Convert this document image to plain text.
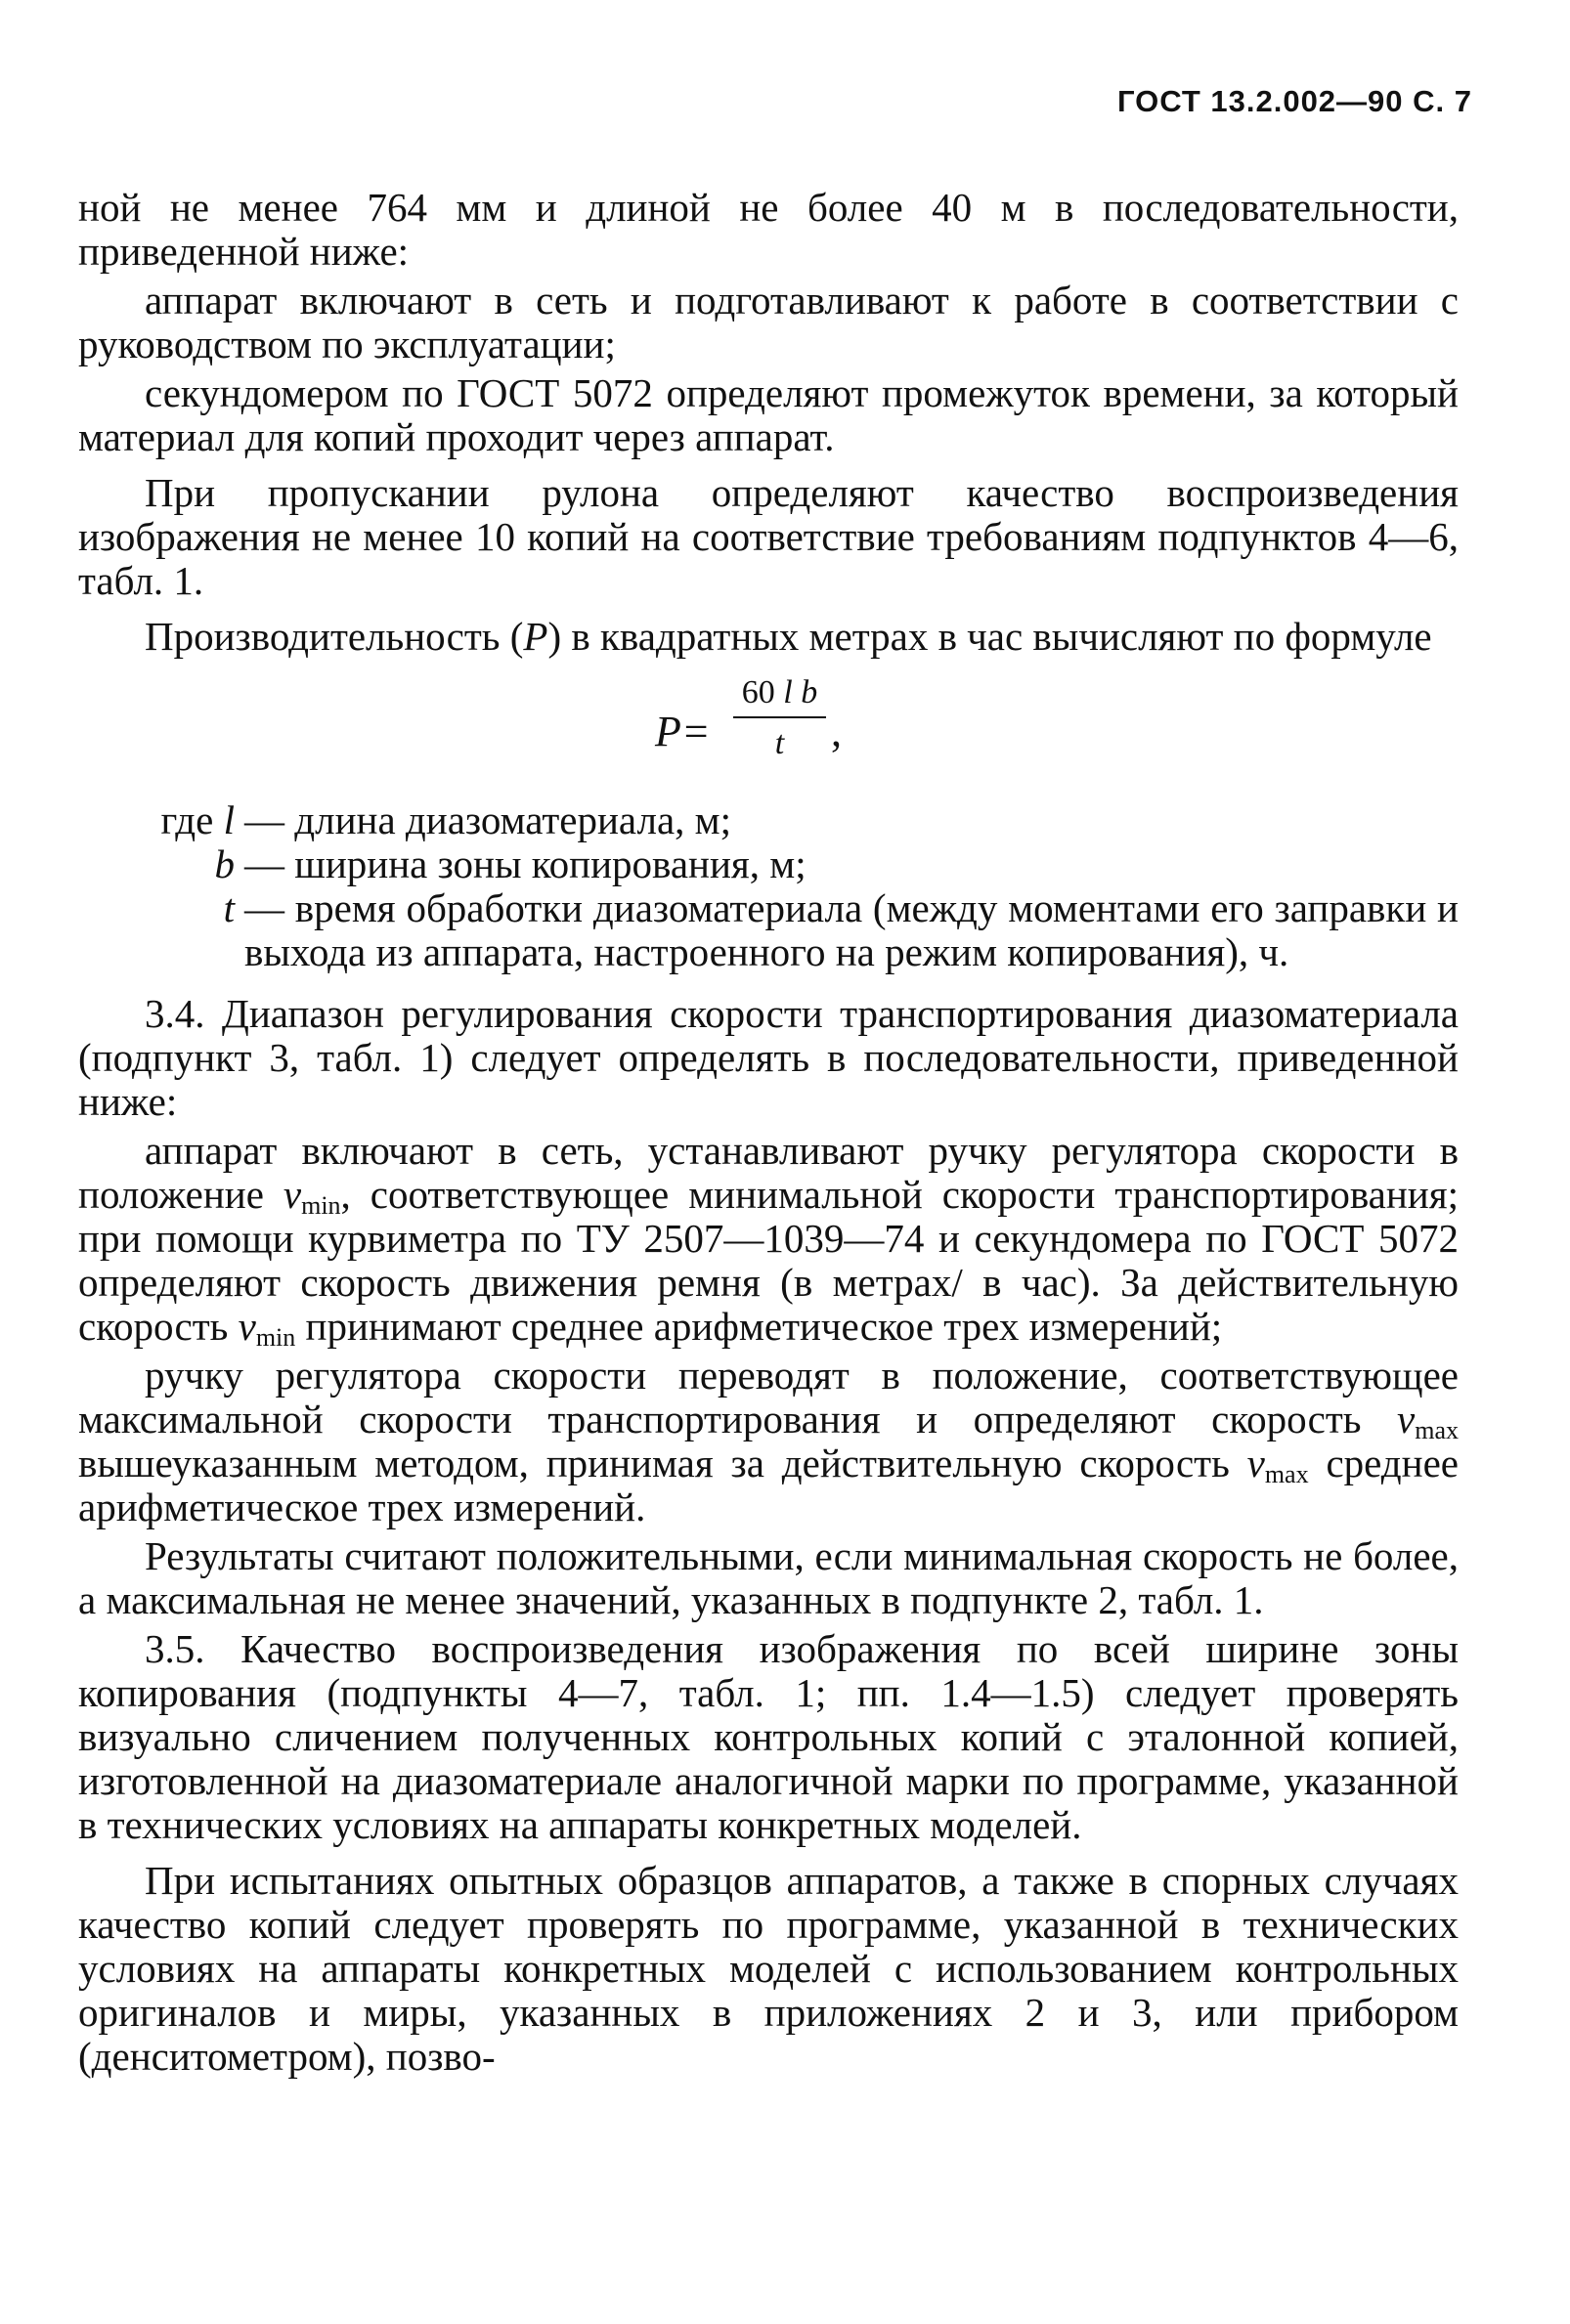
ГОСТ 13.2.002—90 С. 7

ной не менее 764 мм и длиной не более 40 м в последовательности, приведенной ниже:

аппарат включают в сеть и подготавливают к работе в соответствии с руководством по эксплуатации;

секундомером по ГОСТ 5072 определяют промежуток времени, за который материал для копий проходит через аппарат.

При пропускании рулона определяют качество воспроизведения изображения не менее 10 копий на соответствие требованиям подпунктов 4—6, табл. 1.

Производительность (P) в квадратных метрах в час вычисляют по формуле

P=
60 l b
t	,
где l — длина диазоматериала, м;
b — ширина зоны копирования, м;
t — время обработки диазоматериала (между моментами его заправки и выхода из аппарата, настроенного на режим копирования), ч.

3.4. Диапазон регулирования скорости транспортирования диазоматериала (подпункт 3, табл. 1) следует определять в последовательности, приведенной ниже:

аппарат включают в сеть, устанавливают ручку регулятора скорости в положение $v_{min}$, соответствующее минимальной скорости транспортирования; при помощи курвиметра по ТУ 2507—1039—74 и секундомера по ГОСТ 5072 определяют скорость движения ремня (в метрах/ в час). За действительную скорость $v_{min}$ принимают среднее арифметическое трех измерений;

ручку регулятора скорости переводят в положение, соответствующее максимальной скорости транспортирования и определяют скорость $v_{max}$ вышеуказанным методом, принимая за действительную скорость $v_{max}$ среднее арифметическое трех измерений.

Результаты считают положительными, если минимальная скорость не более, а максимальная не менее значений, указанных в подпункте 2, табл. 1.

3.5. Качество воспроизведения изображения по всей ширине зоны копирования (подпункты 4—7, табл. 1; пп. 1.4—1.5) следует проверять визуально сличением полученных контрольных копий с эталонной копией, изготовленной на диазоматериале аналогичной марки по программе, указанной в технических условиях на аппараты конкретных моделей.

При испытаниях опытных образцов аппаратов, а также в спорных случаях качество копий следует проверять по программе, указанной в технических условиях на аппараты конкретных моделей с использованием контрольных оригиналов и миры, указанных в приложениях 2 и 3, или прибором (денситометром), позво-
